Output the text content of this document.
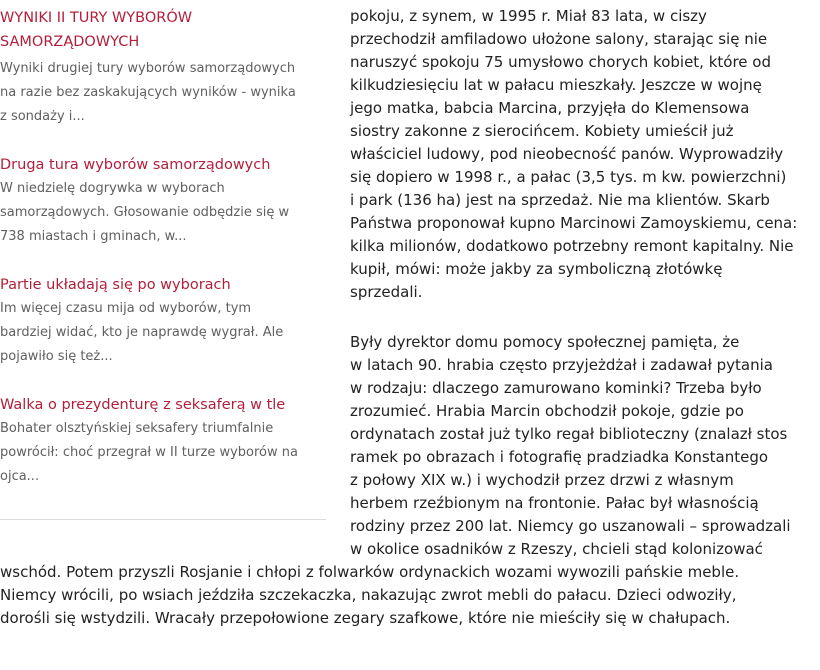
WYNIKI II TURY WYBORÓW
SAMORZĄDOWYCH
Wyniki drugiej tury wyborów samorządowych
na razie bez zaskakujących wyników - wynika
z sondaży i...
Druga tura wyborów samorządowych
W niedzielę dogrywka w wyborach
samorządowych. Głosowanie odbędzie się w
738 miastach i gminach, w...
Partie układają się po wyborach
Im więcej czasu mija od wyborów, tym
bardziej widać, kto je naprawdę wygrał. Ale
pojawiło się też...
Walka o prezydenturę z seksaferą w tle
Bohater olsztyńskiej seksafery triumfalnie
powrócił: choć przegrał w II turze wyborów na
ojca...
pokoju, z synem, w 1995 r. Miał 83 lata, w ciszy
przechodził amfiladowo ułożone salony, starając się nie
naruszyć spokoju 75 umysłowo chorych kobiet, które od
kilkudziesięciu lat w pałacu mieszkały. Jeszcze w wojnę
jego matka, babcia Marcina, przyjęła do Klemensowa
siostry zakonne z sierocińcem. Kobiety umieścił już
właściciel ludowy, pod nieobecność panów. Wyprowadziły
się dopiero w 1998 r., a pałac (3,5 tys. m kw. powierzchni)
i park (136 ha) jest na sprzedaż. Nie ma klientów. Skarb
Państwa proponował kupno Marcinowi Zamoyskiemu, cena:
kilka milionów, dodatkowo potrzebny remont kapitalny. Nie
kupił, mówi: może jakby za symboliczną złotówkę
sprzedali.
Były dyrektor domu pomocy społecznej pamięta, że
w latach 90. hrabia często przyjeżdżał i zadawał pytania
w rodzaju: dlaczego zamurowano kominki? Trzeba było
zrozumieć. Hrabia Marcin obchodził pokoje, gdzie po
ordynatach został już tylko regał biblioteczny (znalazł stos
ramek po obrazach i fotografię pradziadka Konstantego
z połowy XIX w.) i wychodził przez drzwi z własnym
herbem rzeźbionym na frontonie. Pałac był własnością
rodziny przez 200 lat. Niemcy go uszanowali – sprowadzali
w okolice osadników z Rzeszy, chcieli stąd kolonizować
wschód. Potem przyszli Rosjanie i chłopi z folwarków ordynackich wozami wywozili pańskie meble.
Niemcy wrócili, po wsiach jeździła szczekaczka, nakazując zwrot mebli do pałacu. Dzieci odwoziły,
dorośli się wstydzili. Wracały przepołowione zegary szafkowe, które nie mieściły się w chałupach.
